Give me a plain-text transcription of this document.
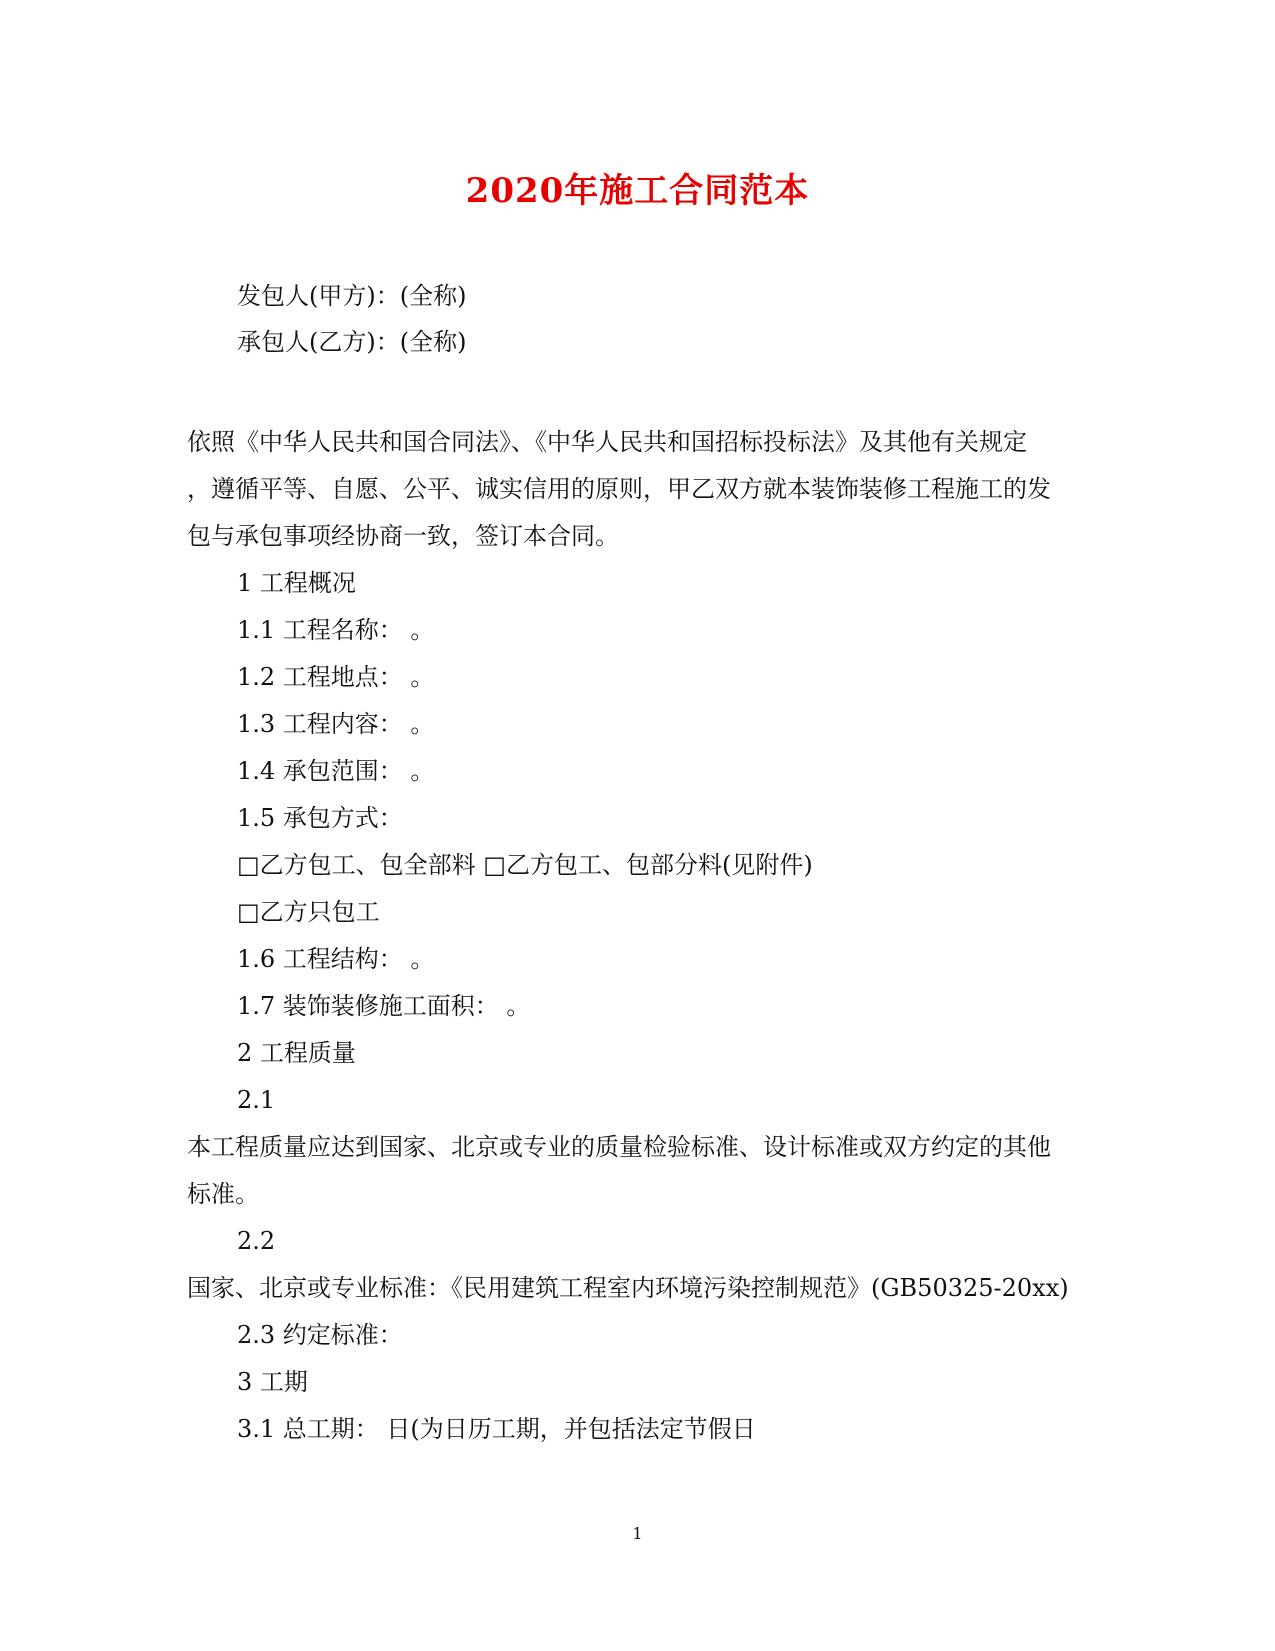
2020年施工合同范本
发包人(甲方)：(全称)
承包人(乙方)：(全称)
依照《中华人民共和国合同法》、《中华人民共和国招标投标法》及其他有关规定
，遵循平等、自愿、公平、诚实信用的原则，甲乙双方就本装饰装修工程施工的发
包与承包事项经协商一致，签订本合同。
1 工程概况
1.1 工程名称： 。
1.2 工程地点： 。
1.3 工程内容： 。
1.4 承包范围： 。
1.5 承包方式：
□乙方包工、包全部料 □乙方包工、包部分料(见附件)
□乙方只包工
1.6 工程结构： 。
1.7 装饰装修施工面积： 。
2 工程质量
2.1
本工程质量应达到国家、北京或专业的质量检验标准、设计标准或双方约定的其他
标准。
2.2
国家、北京或专业标准：《民用建筑工程室内环境污染控制规范》(GB50325-20xx)
2.3 约定标准：
3 工期
3.1 总工期： 日(为日历工期，并包括法定节假日
1
